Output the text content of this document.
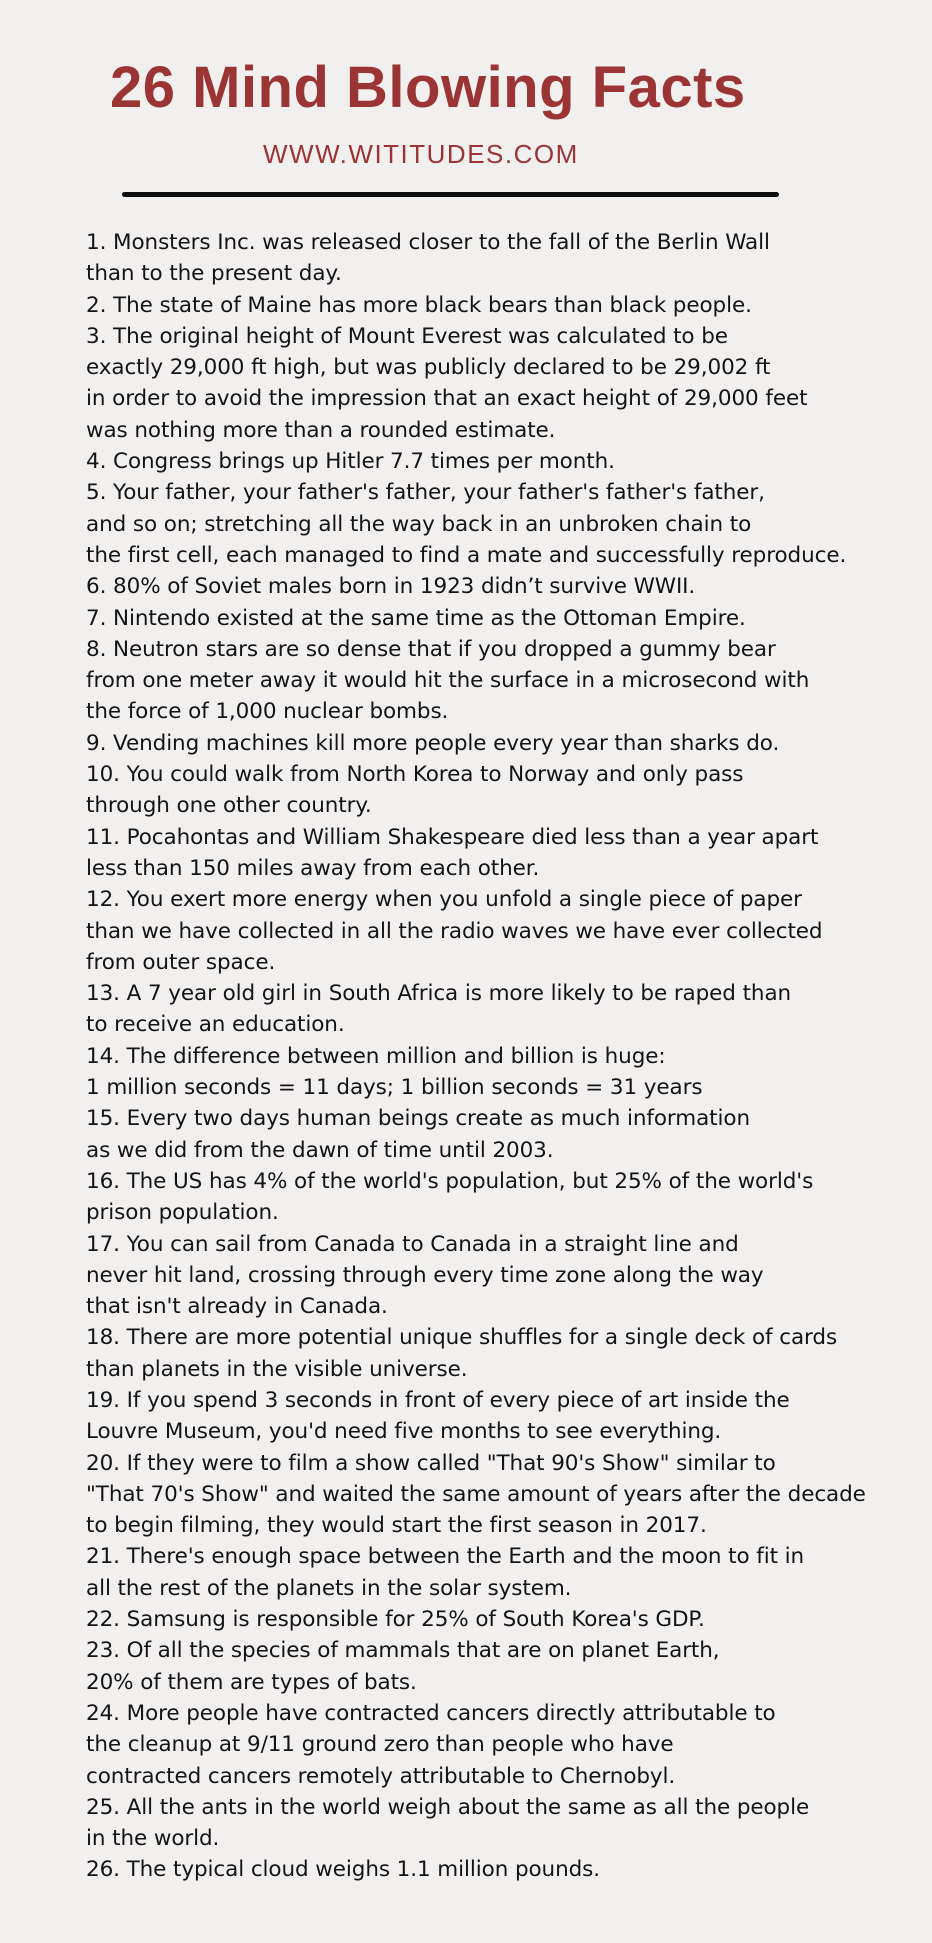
26 Mind Blowing Facts
WWW.WITITUDES.COM
1. Monsters Inc. was released closer to the fall of the Berlin Wall
than to the present day.
2. The state of Maine has more black bears than black people.
3. The original height of Mount Everest was calculated to be
exactly 29,000 ft high, but was publicly declared to be 29,002 ft
in order to avoid the impression that an exact height of 29,000 feet
was nothing more than a rounded estimate.
4. Congress brings up Hitler 7.7 times per month.
5. Your father, your father's father, your father's father's father,
and so on; stretching all the way back in an unbroken chain to
the first cell, each managed to find a mate and successfully reproduce.
6. 80% of Soviet males born in 1923 didn’t survive WWII.
7. Nintendo existed at the same time as the Ottoman Empire.
8. Neutron stars are so dense that if you dropped a gummy bear
from one meter away it would hit the surface in a microsecond with
the force of 1,000 nuclear bombs.
9. Vending machines kill more people every year than sharks do.
10. You could walk from North Korea to Norway and only pass
through one other country.
11. Pocahontas and William Shakespeare died less than a year apart
less than 150 miles away from each other.
12. You exert more energy when you unfold a single piece of paper
than we have collected in all the radio waves we have ever collected
from outer space.
13. A 7 year old girl in South Africa is more likely to be raped than
to receive an education.
14. The difference between million and billion is huge:
1 million seconds = 11 days; 1 billion seconds = 31 years
15. Every two days human beings create as much information
as we did from the dawn of time until 2003.
16. The US has 4% of the world's population, but 25% of the world's
prison population.
17. You can sail from Canada to Canada in a straight line and
never hit land, crossing through every time zone along the way
that isn't already in Canada.
18. There are more potential unique shuffles for a single deck of cards
than planets in the visible universe.
19. If you spend 3 seconds in front of every piece of art inside the
Louvre Museum, you'd need five months to see everything.
20. If they were to film a show called "That 90's Show" similar to
"That 70's Show" and waited the same amount of years after the decade
to begin filming, they would start the first season in 2017.
21. There's enough space between the Earth and the moon to fit in
all the rest of the planets in the solar system.
22. Samsung is responsible for 25% of South Korea's GDP.
23. Of all the species of mammals that are on planet Earth,
20% of them are types of bats.
24. More people have contracted cancers directly attributable to
the cleanup at 9/11 ground zero than people who have
contracted cancers remotely attributable to Chernobyl.
25. All the ants in the world weigh about the same as all the people
in the world.
26. The typical cloud weighs 1.1 million pounds.
